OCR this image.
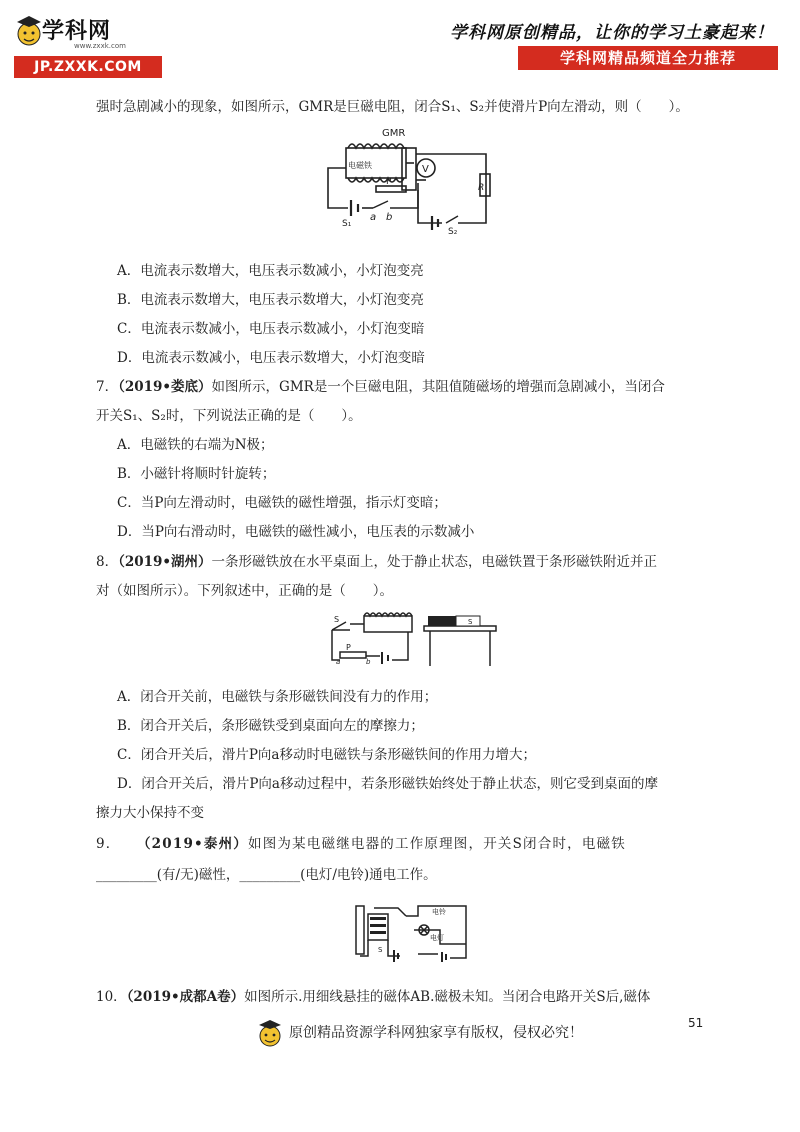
学科网
www.zxxk.com
JP.ZXXK.COM
学科网原创精品，让你的学习土豪起来！
学科网精品频道全力推荐
强时急剧减小的现象，如图所示，GMR是巨磁电阻，闭合S₁、S₂并使滑片P向左滑动，则（　　）。
GMR
电磁铁
P
a b
S₁
S₂
V
R
A．电流表示数增大，电压表示数减小，小灯泡变亮
B．电流表示数增大，电压表示数增大，小灯泡变亮
C．电流表示数减小，电压表示数减小，小灯泡变暗
D．电流表示数减小，电压表示数增大，小灯泡变暗
7．（2019•娄底）如图所示，GMR是一个巨磁电阻，其阻值随磁场的增强而急剧减小，当闭合
开关S₁、S₂时，下列说法正确的是（　　）。
A．电磁铁的右端为N极；
B．小磁针将顺时针旋转；
C．当P向左滑动时，电磁铁的磁性增强，指示灯变暗；
D．当P向右滑动时，电磁铁的磁性减小，电压表的示数减小
8．（2019•湖州）一条形磁铁放在水平桌面上，处于静止状态，电磁铁置于条形磁铁附近并正
对（如图所示）。下列叙述中，正确的是（　　）。
S
P
a	b
S
A．闭合开关前，电磁铁与条形磁铁间没有力的作用；
B．闭合开关后，条形磁铁受到桌面向左的摩擦力；
C．闭合开关后，滑片P向a移动时电磁铁与条形磁铁间的作用力增大；
D．闭合开关后，滑片P向a移动过程中，若条形磁铁始终处于静止状态，则它受到桌面的摩
擦力大小保持不变
9． （2019•泰州）如图为某电磁继电器的工作原理图，开关S闭合时，电磁铁
_________(有/无)磁性，_________(电灯/电铃)通电工作。
电铃
电灯
S
10．（2019•成都A卷）如图所示.用细线悬挂的磁体AB.磁极未知。当闭合电路开关S后,磁体
51
原创精品资源学科网独家享有版权，侵权必究！
